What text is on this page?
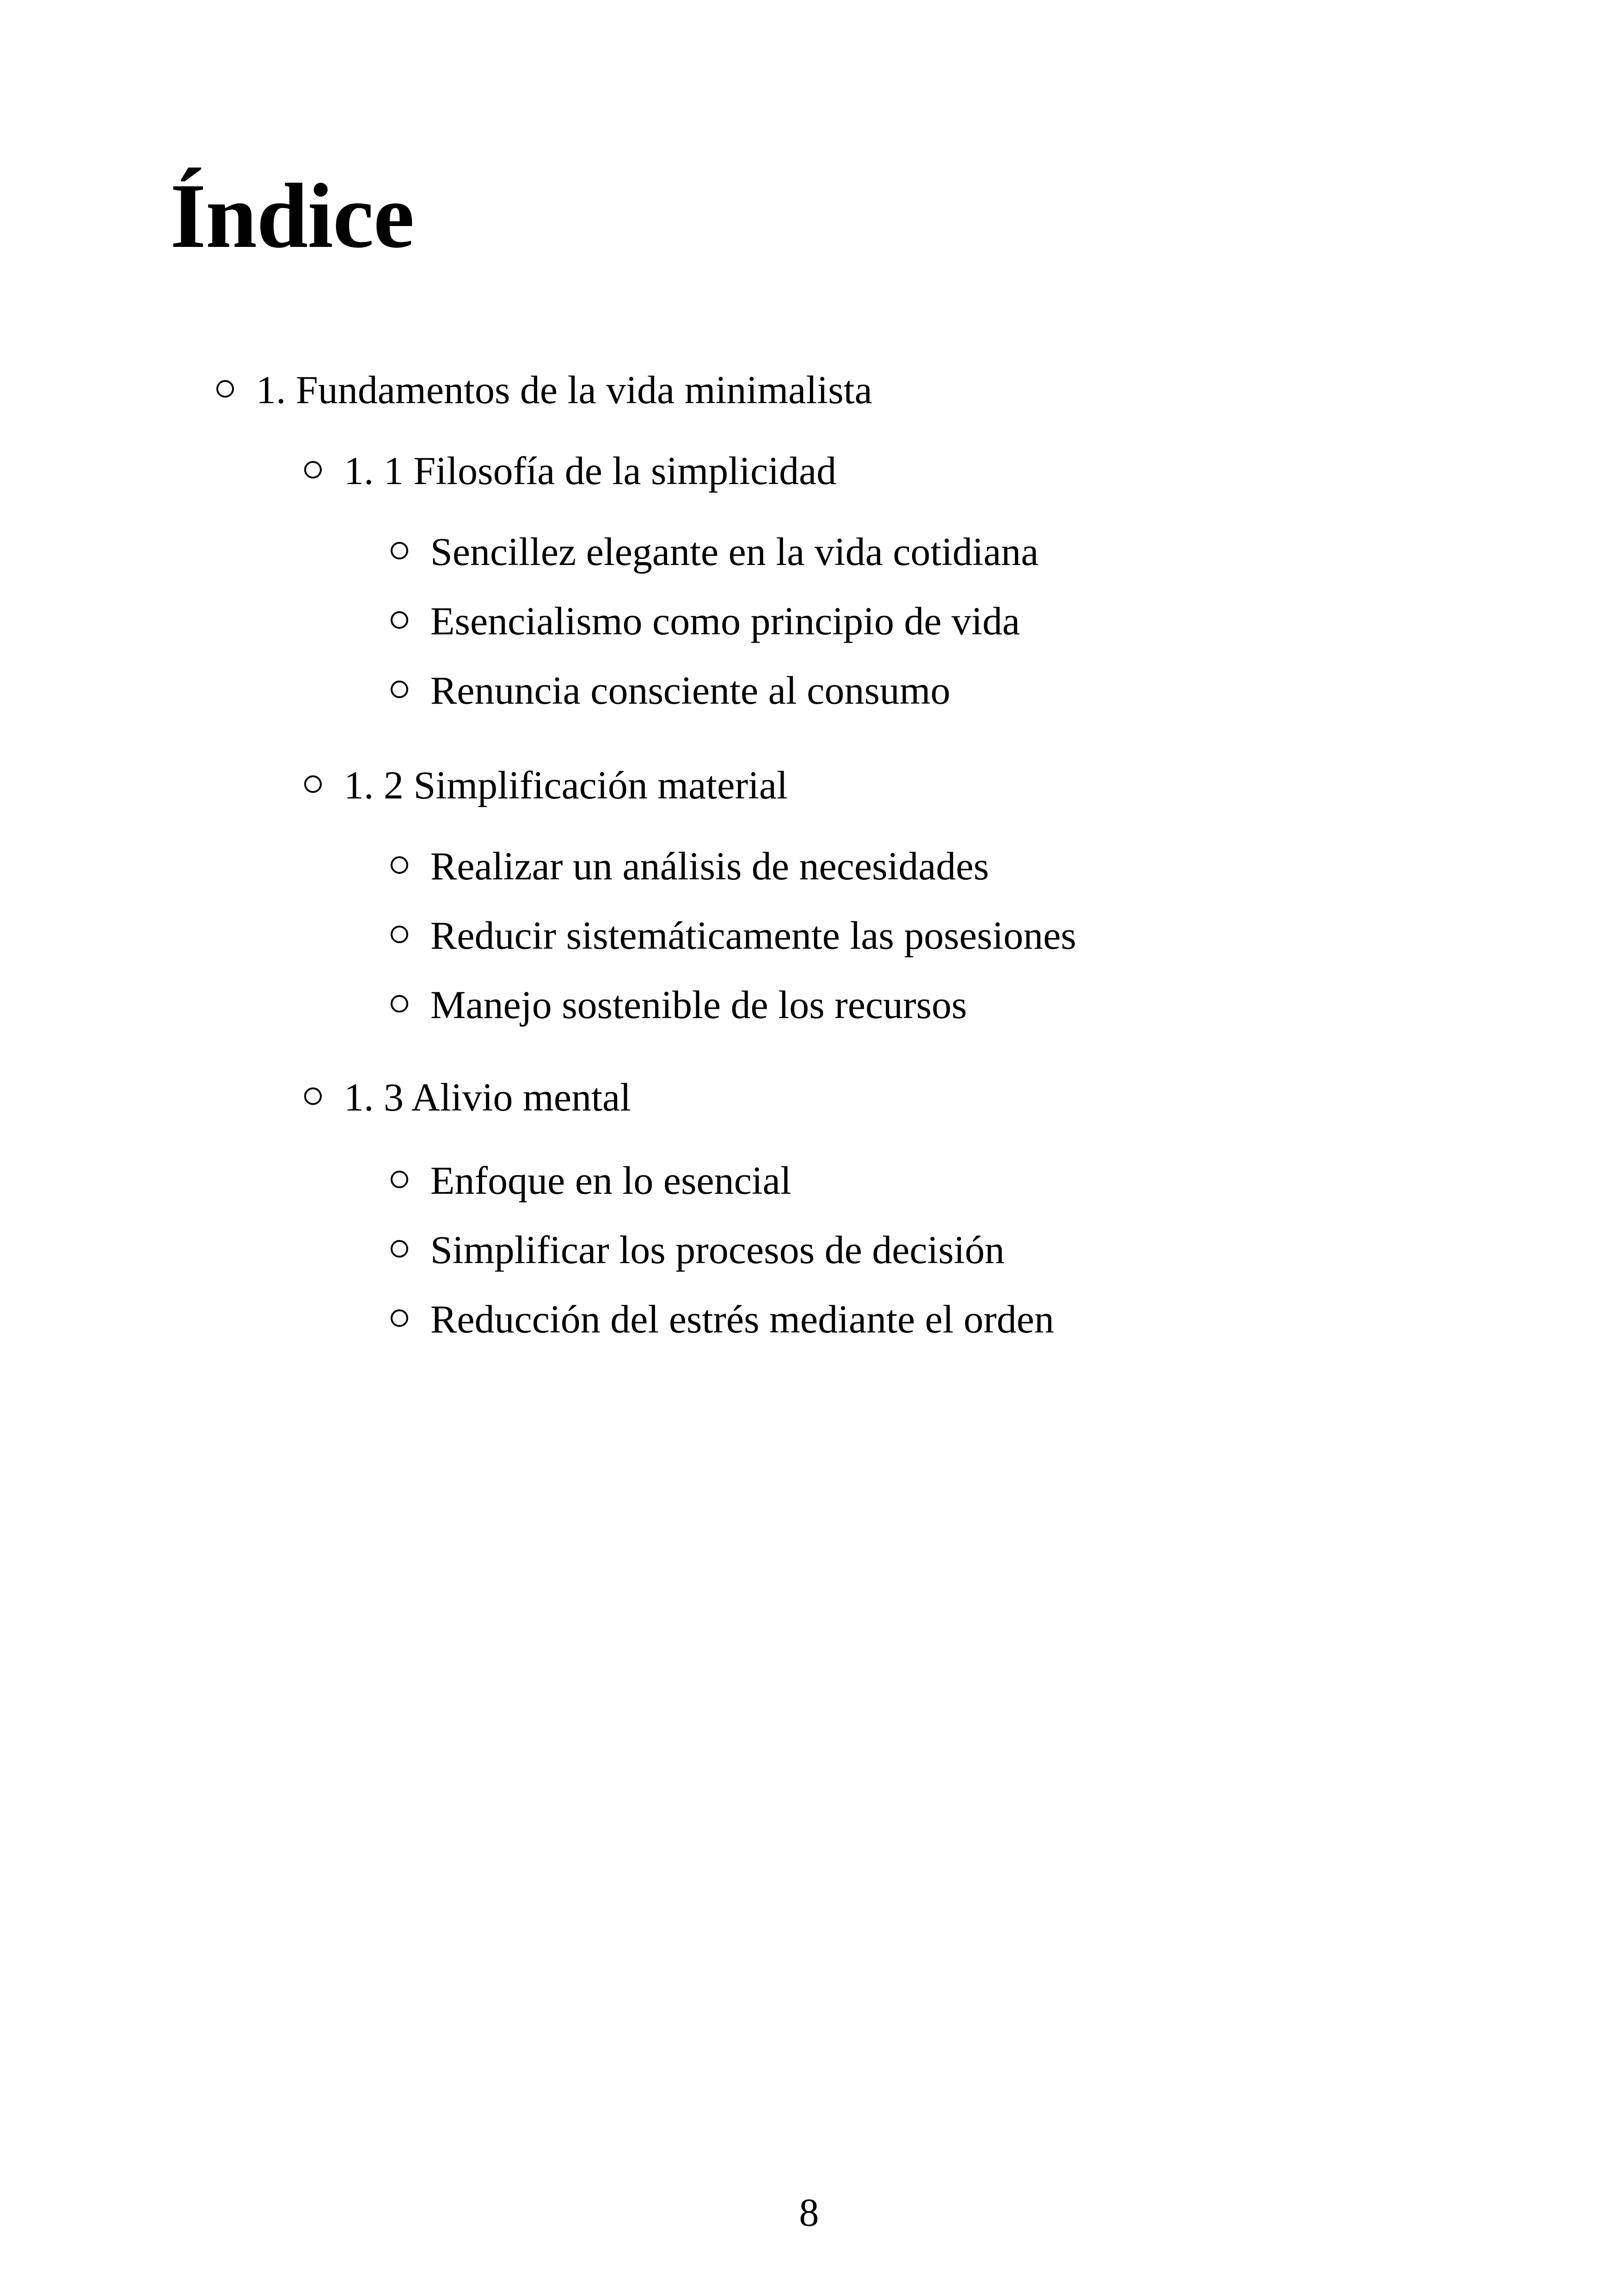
Índice

1. Fundamentos de la vida minimalista

1. 1 Filosofía de la simplicidad

Sencillez elegante en la vida cotidiana

Esencialismo como principio de vida

Renuncia consciente al consumo

1. 2 Simplificación material

Realizar un análisis de necesidades

Reducir sistemáticamente las posesiones

Manejo sostenible de los recursos

1. 3 Alivio mental

Enfoque en lo esencial

Simplificar los procesos de decisión

Reducción del estrés mediante el orden

8
